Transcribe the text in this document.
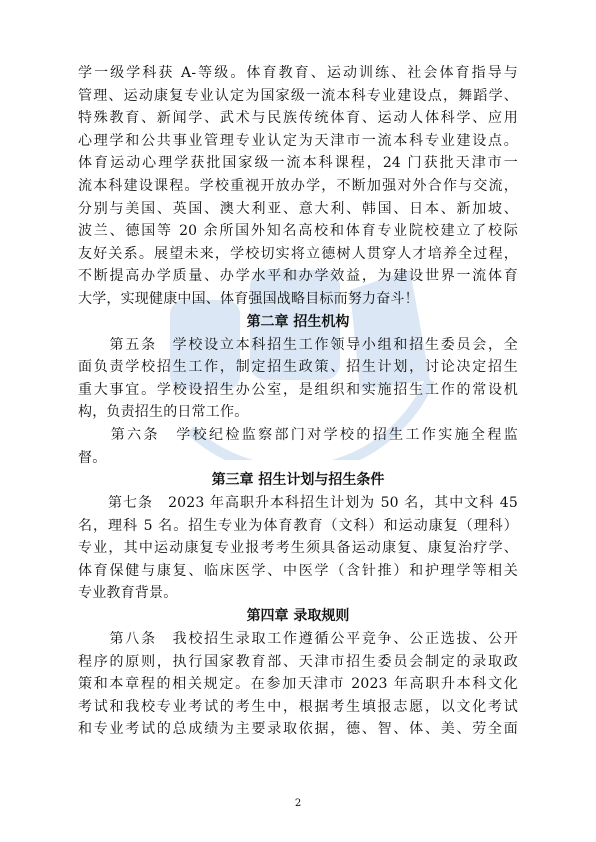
学一级学科获 A-等级。体育教育、运动训练、社会体育指导与
管理、运动康复专业认定为国家级一流本科专业建设点，舞蹈学、
特殊教育、新闻学、武术与民族传统体育、运动人体科学、应用
心理学和公共事业管理专业认定为天津市一流本科专业建设点。
体育运动心理学获批国家级一流本科课程，24 门获批天津市一
流本科建设课程。学校重视开放办学，不断加强对外合作与交流，
分别与美国、英国、澳大利亚、意大利、韩国、日本、新加坡、
波兰、德国等 20 余所国外知名高校和体育专业院校建立了校际
友好关系。展望未来，学校切实将立德树人贯穿人才培养全过程，
不断提高办学质量、办学水平和办学效益，为建设世界一流体育
大学，实现健康中国、体育强国战略目标而努力奋斗！
第二章 招生机构
　　第五条　学校设立本科招生工作领导小组和招生委员会，全
面负责学校招生工作，制定招生政策、招生计划，讨论决定招生
重大事宜。学校设招生办公室，是组织和实施招生工作的常设机
构，负责招生的日常工作。
　　第六条　学校纪检监察部门对学校的招生工作实施全程监
督。
第三章 招生计划与招生条件
　　第七条　2023 年高职升本科招生计划为 50 名，其中文科 45
名，理科 5 名。招生专业为体育教育（文科）和运动康复（理科）
专业，其中运动康复专业报考考生须具备运动康复、康复治疗学、
体育保健与康复、临床医学、中医学（含针推）和护理学等相关
专业教育背景。
第四章 录取规则
　　第八条　我校招生录取工作遵循公平竞争、公正选拔、公开
程序的原则，执行国家教育部、天津市招生委员会制定的录取政
策和本章程的相关规定。在参加天津市 2023 年高职升本科文化
考试和我校专业考试的考生中，根据考生填报志愿，以文化考试
和专业考试的总成绩为主要录取依据，德、智、体、美、劳全面
2
